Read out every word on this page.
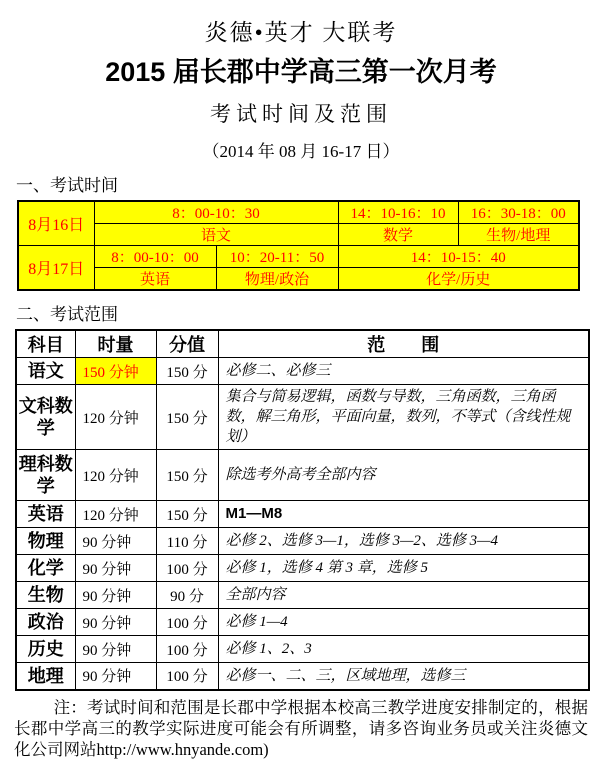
炎德•英才 大联考
2015 届长郡中学高三第一次月考
考试时间及范围
（2014 年 08 月 16-17 日）
一、考试时间
8月16日	8：00-10：30		14：10-16：10	16：30-18：00
	语文		数学	生物/地理
8月17日	8：00-10：00	10：20-11：50	14：10-15：40	
	英语	物理/政治	化学/历史	
二、考试范围
科目	时量	分值	范　　围
语文	150 分钟	150 分	必修二、必修三
文科数学	120 分钟	150 分	集合与简易逻辑，函数与导数，三角函数，三角函数，解三角形，平面向量，数列，不等式（含线性规划）
理科数学	120 分钟	150 分	除选考外高考全部内容
英语	120 分钟	150 分	M1—M8
物理	90 分钟	110 分	必修 2、选修 3—1，选修 3—2、选修 3—4
化学	90 分钟	100 分	必修 1，选修 4 第 3 章，选修 5
生物	90 分钟	90 分	全部内容
政治	90 分钟	100 分	必修 1—4
历史	90 分钟	100 分	必修 1、2、3
地理	90 分钟	100 分	必修一、二、三，区域地理，选修三
注：考试时间和范围是长郡中学根据本校高三教学进度安排制定的，根据长郡中学高三的教学实际进度可能会有所调整，请多咨询业务员或关注炎德文化公司网站http://www.hnyande.com)
